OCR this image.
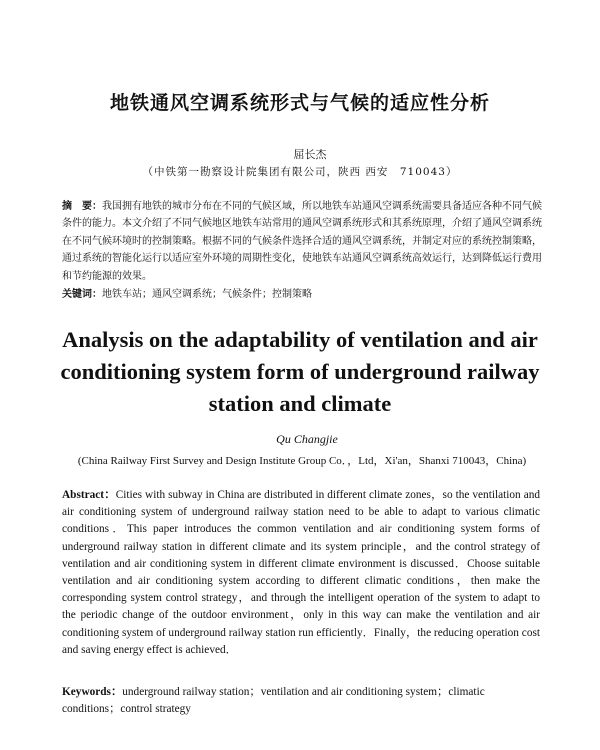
地铁通风空调系统形式与气候的适应性分析
屈长杰
（中铁第一勘察设计院集团有限公司，陕西 西安　710043）
摘　要：我国拥有地铁的城市分布在不同的气候区域，所以地铁车站通风空调系统需要具备适应各种不同气候条件的能力。本文介绍了不同气候地区地铁车站常用的通风空调系统形式和其系统原理，介绍了通风空调系统在不同气候环境时的控制策略。根据不同的气候条件选择合适的通风空调系统，并制定对应的系统控制策略，通过系统的智能化运行以适应室外环境的周期性变化，使地铁车站通风空调系统高效运行，达到降低运行费用和节约能源的效果。
关键词：地铁车站；通风空调系统；气候条件；控制策略
Analysis on the adaptability of ventilation and air conditioning system form of underground railway station and climate
Qu Changjie
(China Railway First Survey and Design Institute Group Co．，Ltd，Xi'an，Shanxi 710043，China)
Abstract：Cities with subway in China are distributed in different climate zones，so the ventilation and air conditioning system of underground railway station need to be able to adapt to various climatic conditions．This paper introduces the common ventilation and air conditioning system forms of underground railway station in different climate and its system principle，and the control strategy of ventilation and air conditioning system in different climate environment is discussed．Choose suitable ventilation and air conditioning system according to different climatic conditions，then make the corresponding system control strategy，and through the intelligent operation of the system to adapt to the periodic change of the outdoor environment，only in this way can make the ventilation and air conditioning system of underground railway station run efficiently．Finally，the reducing operation cost and saving energy effect is achieved．
Keywords：underground railway station；ventilation and air conditioning system；climatic conditions；control strategy
